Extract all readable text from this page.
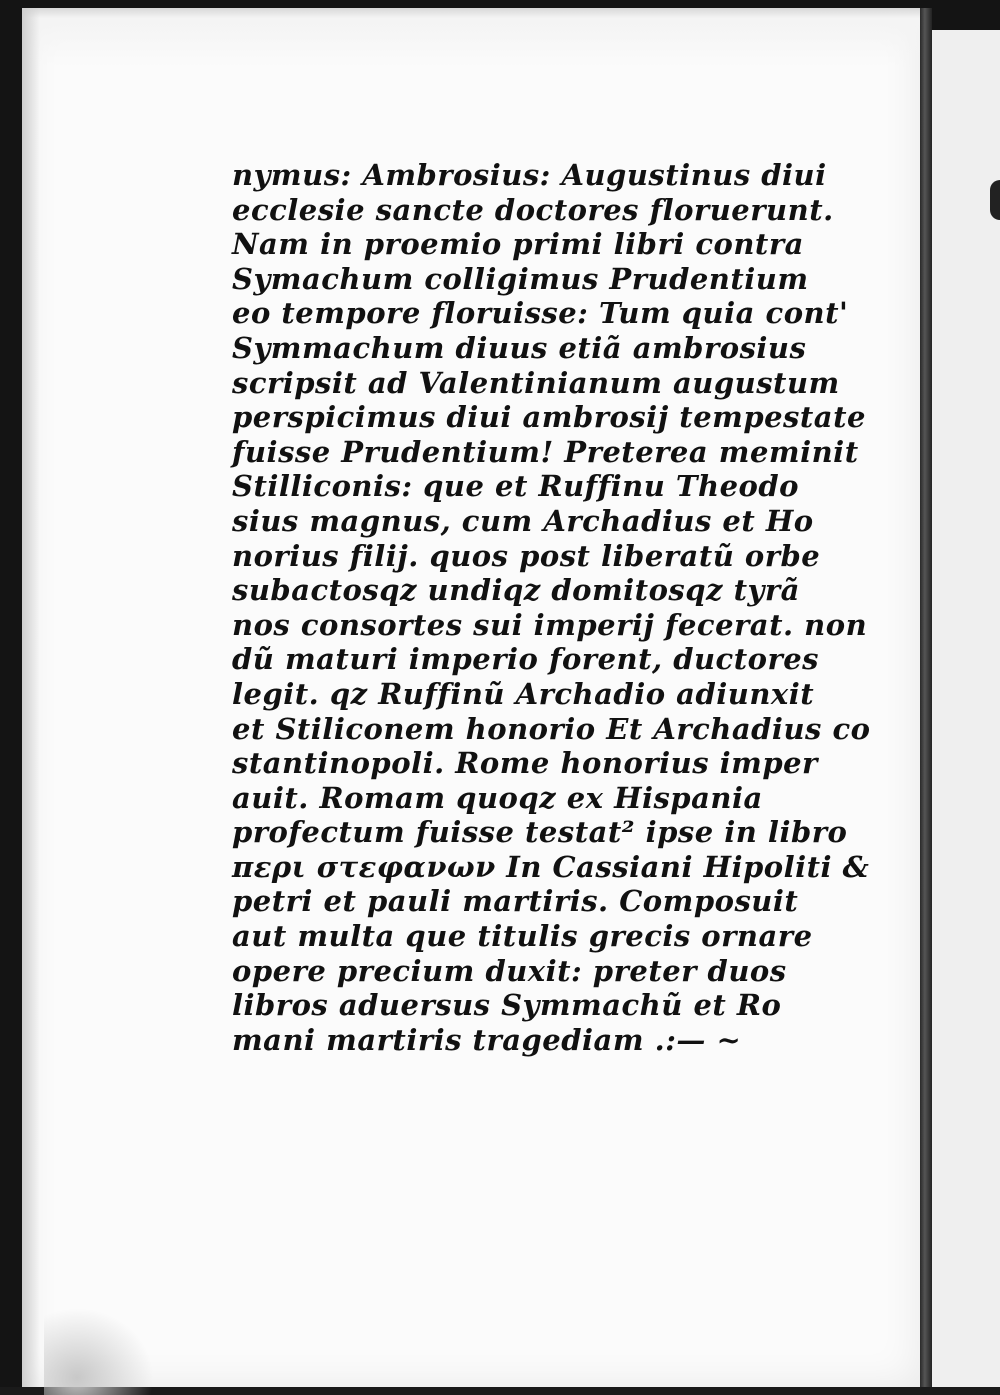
nymus: Ambrosius: Augustinus diui
ecclesie sancte doctores floruerunt.
Nam in proemio primi libri contra
Symachum colligimus Prudentium
eo tempore floruisse: Tum quia cont'
Symmachum diuus etiã ambrosius
scripsit ad Valentinianum augustum
perspicimus diui ambrosij tempestate
fuisse Prudentium! Preterea meminit
Stilliconis: que et Ruffinu Theodo
sius magnus, cum Archadius et Ho
norius filij. quos post liberatũ orbe
subactosqz undiqz domitosqz tyrã
nos consortes sui imperij fecerat. non
dũ maturi imperio forent, ductores
legit. qz Ruffinũ Archadio adiunxit
et Stiliconem honorio Et Archadius co
stantinopoli. Rome honorius imper
auit. Romam quoqz ex Hispania
profectum fuisse testat² ipse in libro
περι στεφανων In Cassiani Hipoliti &
petri et pauli martiris. Composuit
aut multa que titulis grecis ornare
opere precium duxit: preter duos
libros aduersus Symmachũ et Ro
mani martiris tragediam .:— ~
